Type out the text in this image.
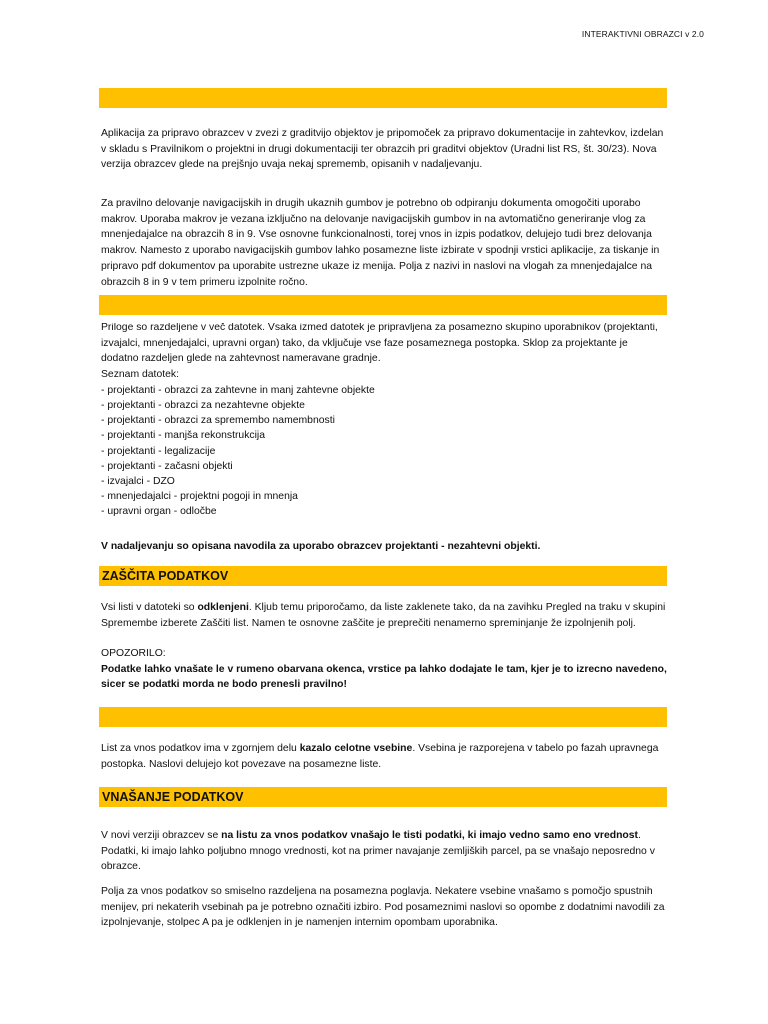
INTERAKTIVNI OBRAZCI v 2.0

Aplikacija za pripravo obrazcev v zvezi z graditvijo objektov je pripomoček za pripravo dokumentacije in zahtevkov, izdelan v skladu s Pravilnikom o projektni in drugi dokumentaciji ter obrazcih pri graditvi objektov (Uradni list RS, št. 30/23). Nova verzija obrazcev glede na prejšnjo uvaja nekaj sprememb, opisanih v nadaljevanju.

Za pravilno delovanje navigacijskih in drugih ukaznih gumbov je potrebno ob odpiranju dokumenta omogočiti uporabo makrov. Uporaba makrov je vezana izključno na delovanje navigacijskih gumbov in na avtomatično generiranje vlog za mnenjedajalce na obrazcih 8 in 9. Vse osnovne funkcionalnosti, torej vnos in izpis podatkov, delujejo tudi brez delovanja makrov. Namesto z uporabo navigacijskih gumbov lahko posamezne liste izbirate v spodnji vrstici aplikacije, za tiskanje in pripravo pdf dokumentov pa uporabite ustrezne ukaze iz menija. Polja z nazivi in naslovi na vlogah za mnenjedajalce na obrazcih 8 in 9 v tem primeru izpolnite ročno.

Priloge so razdeljene v več datotek. Vsaka izmed datotek je pripravljena za posamezno skupino uporabnikov (projektanti, izvajalci, mnenjedajalci, upravni organ) tako, da vključuje vse faze posameznega postopka. Sklop za projektante je dodatno razdeljen glede na zahtevnost nameravane gradnje.
Seznam datotek:
- projektanti - obrazci za zahtevne in manj zahtevne objekte
- projektanti - obrazci za nezahtevne objekte
- projektanti - obrazci za spremembo namembnosti
- projektanti - manjša rekonstrukcija
- projektanti - legalizacije
- projektanti - začasni objekti
- izvajalci - DZO
- mnenjedajalci - projektni pogoji in mnenja
- upravni organ - odločbe
V nadaljevanju so opisana navodila za uporabo obrazcev projektanti - nezahtevni objekti.
ZAŠČITA PODATKOV

Vsi listi v datoteki so odklenjeni. Kljub temu priporočamo, da liste zaklenete tako, da na zavihku Pregled na traku v skupini Spremembe izberete Zaščiti list. Namen te osnovne zaščite je preprečiti nenamerno spreminjanje že izpolnjenih polj.

OPOZORILO:
Podatke lahko vnašate le v rumeno obarvana okenca, vrstice pa lahko dodajate le tam, kjer je to izrecno navedeno, sicer se podatki morda ne bodo prenesli pravilno!

List za vnos podatkov ima v zgornjem delu kazalo celotne vsebine. Vsebina je razporejena v tabelo po fazah upravnega postopka. Naslovi delujejo kot povezave na posamezne liste.

VNAŠANJE PODATKOV

V novi verziji obrazcev se na listu za vnos podatkov vnašajo le tisti podatki, ki imajo vedno samo eno vrednost. Podatki, ki imajo lahko poljubno mnogo vrednosti, kot na primer navajanje zemljiških parcel, pa se vnašajo neposredno v obrazce.

Polja za vnos podatkov so smiselno razdeljena na posamezna poglavja. Nekatere vsebine vnašamo s pomočjo spustnih menijev, pri nekaterih vsebinah pa je potrebno označiti izbiro. Pod posameznimi naslovi so opombe z dodatnimi navodili za izpolnjevanje, stolpec A pa je odklenjen in je namenjen internim opombam uporabnika.
